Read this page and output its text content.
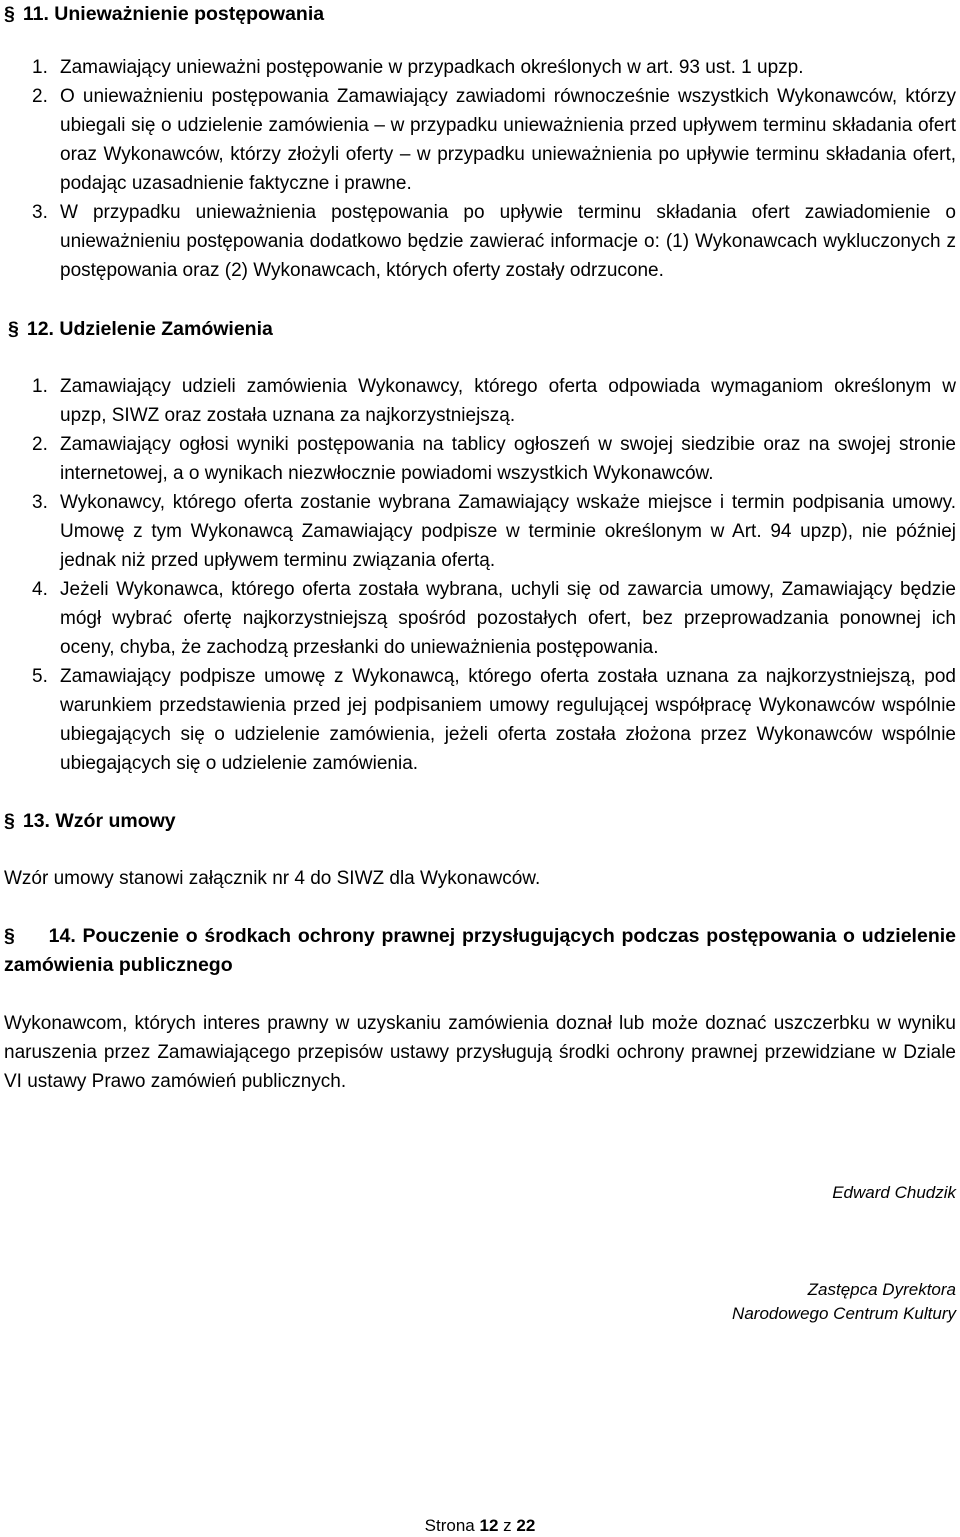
§ 11. Unieważnienie postępowania
1. Zamawiający unieważni postępowanie w przypadkach określonych w art. 93 ust. 1 upzp.
2. O unieważnieniu postępowania Zamawiający zawiadomi równocześnie wszystkich Wykonawców, którzy ubiegali się o udzielenie zamówienia – w przypadku unieważnienia przed upływem terminu składania ofert oraz Wykonawców, którzy złożyli oferty – w przypadku unieważnienia po upływie terminu składania ofert, podając uzasadnienie faktyczne i prawne.
3. W przypadku unieważnienia postępowania po upływie terminu składania ofert zawiadomienie o unieważnieniu postępowania dodatkowo będzie zawierać informacje o: (1) Wykonawcach wykluczonych z postępowania oraz (2) Wykonawcach, których oferty zostały odrzucone.
§ 12. Udzielenie Zamówienia
1. Zamawiający udzieli zamówienia Wykonawcy, którego oferta odpowiada wymaganiom określonym w upzp, SIWZ oraz została uznana za najkorzystniejszą.
2. Zamawiający ogłosi wyniki postępowania na tablicy ogłoszeń w swojej siedzibie oraz na swojej stronie internetowej, a o wynikach niezwłocznie powiadomi wszystkich Wykonawców.
3. Wykonawcy, którego oferta zostanie wybrana Zamawiający wskaże miejsce i termin podpisania umowy. Umowę z tym Wykonawcą Zamawiający podpisze w terminie określonym w Art. 94 upzp), nie później jednak niż przed upływem terminu związania ofertą.
4. Jeżeli Wykonawca, którego oferta została wybrana, uchyli się od zawarcia umowy, Zamawiający będzie mógł wybrać ofertę najkorzystniejszą spośród pozostałych ofert, bez przeprowadzania ponownej ich oceny, chyba, że zachodzą przesłanki do unieważnienia postępowania.
5. Zamawiający podpisze umowę z Wykonawcą, którego oferta została uznana za najkorzystniejszą, pod warunkiem przedstawienia przed jej podpisaniem umowy regulującej współpracę Wykonawców wspólnie ubiegających się o udzielenie zamówienia, jeżeli oferta została złożona przez Wykonawców wspólnie ubiegających się o udzielenie zamówienia.
§ 13. Wzór umowy

Wzór umowy stanowi załącznik nr 4 do SIWZ dla Wykonawców.

§ 14. Pouczenie o środkach ochrony prawnej przysługujących podczas postępowania o udzielenie zamówienia publicznego

Wykonawcom, których interes prawny w uzyskaniu zamówienia doznał lub może doznać uszczerbku w wyniku naruszenia przez Zamawiającego przepisów ustawy przysługują środki ochrony prawnej przewidziane w Dziale VI ustawy Prawo zamówień publicznych.

Edward Chudzik

Zastępca Dyrektora
Narodowego Centrum Kultury
Strona 12 z 22
